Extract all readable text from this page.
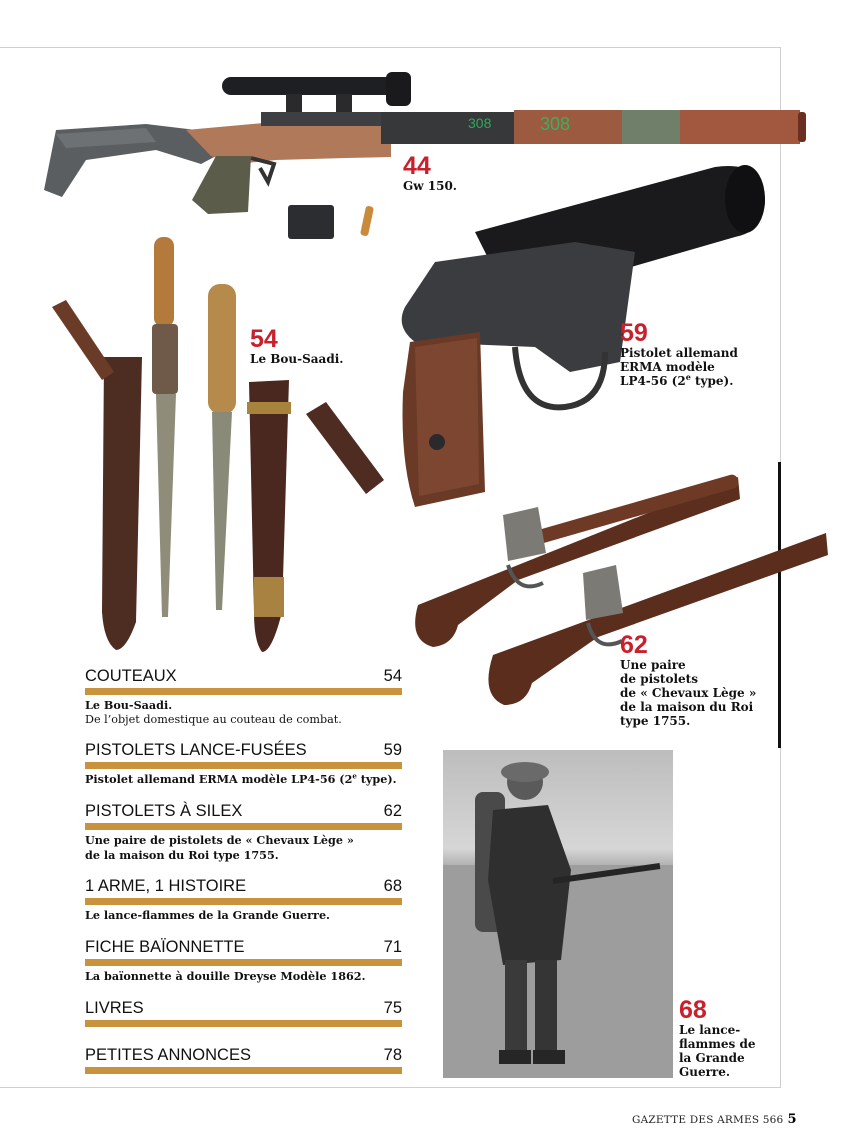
308	308
44
Gw 150.
54
Le Bou-Saadi.
59
Pistolet allemand
ERMA modèle
LP4-56 (2e type).
62
Une paire
de pistolets
de « Chevaux Lège »
de la maison du Roi
type 1755.
68
Le lance-
flammes de
la Grande
Guerre.
COUTEAUX	54
Le Bou-Saadi.
De l’objet domestique au couteau de combat.
PISTOLETS LANCE-FUSÉES	59
Pistolet allemand ERMA modèle LP4-56 (2e type).
PISTOLETS À SILEX	62
Une paire de pistolets de « Chevaux Lège »
de la maison du Roi type 1755.
1 ARME, 1 HISTOIRE	68
Le lance-flammes de la Grande Guerre.
FICHE BAÏONNETTE	71
La baïonnette à douille Dreyse Modèle 1862.
LIVRES	75
PETITES ANNONCES	78
GAZETTE DES ARMES 566 5
